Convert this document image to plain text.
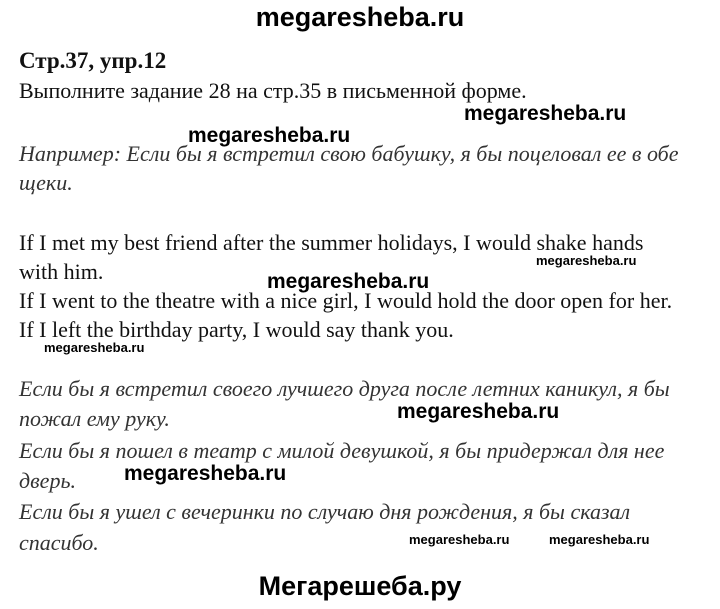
megaresheba.ru
Стр.37, упр.12
Выполните задание 28 на стр.35 в письменной форме.
Например: Если бы я встретил свою бабушку, я бы поцеловал ее в обе
щеки.
If I met my best friend after the summer holidays, I would shake hands
with him.
If I went to the theatre with a nice girl, I would hold the door open for her.
If I left the birthday party, I would say thank you.
Если бы я встретил своего лучшего друга после летних каникул, я бы
пожал ему руку.
Если бы я пошел в театр с милой девушкой, я бы придержал для нее
дверь.
Если бы я ушел с вечеринки по случаю дня рождения, я бы сказал
спасибо.
megaresheba.ru
megaresheba.ru
megaresheba.ru
megaresheba.ru
megaresheba.ru
megaresheba.ru
megaresheba.ru
megaresheba.ru	megaresheba.ru
Мегарешеба.ру
